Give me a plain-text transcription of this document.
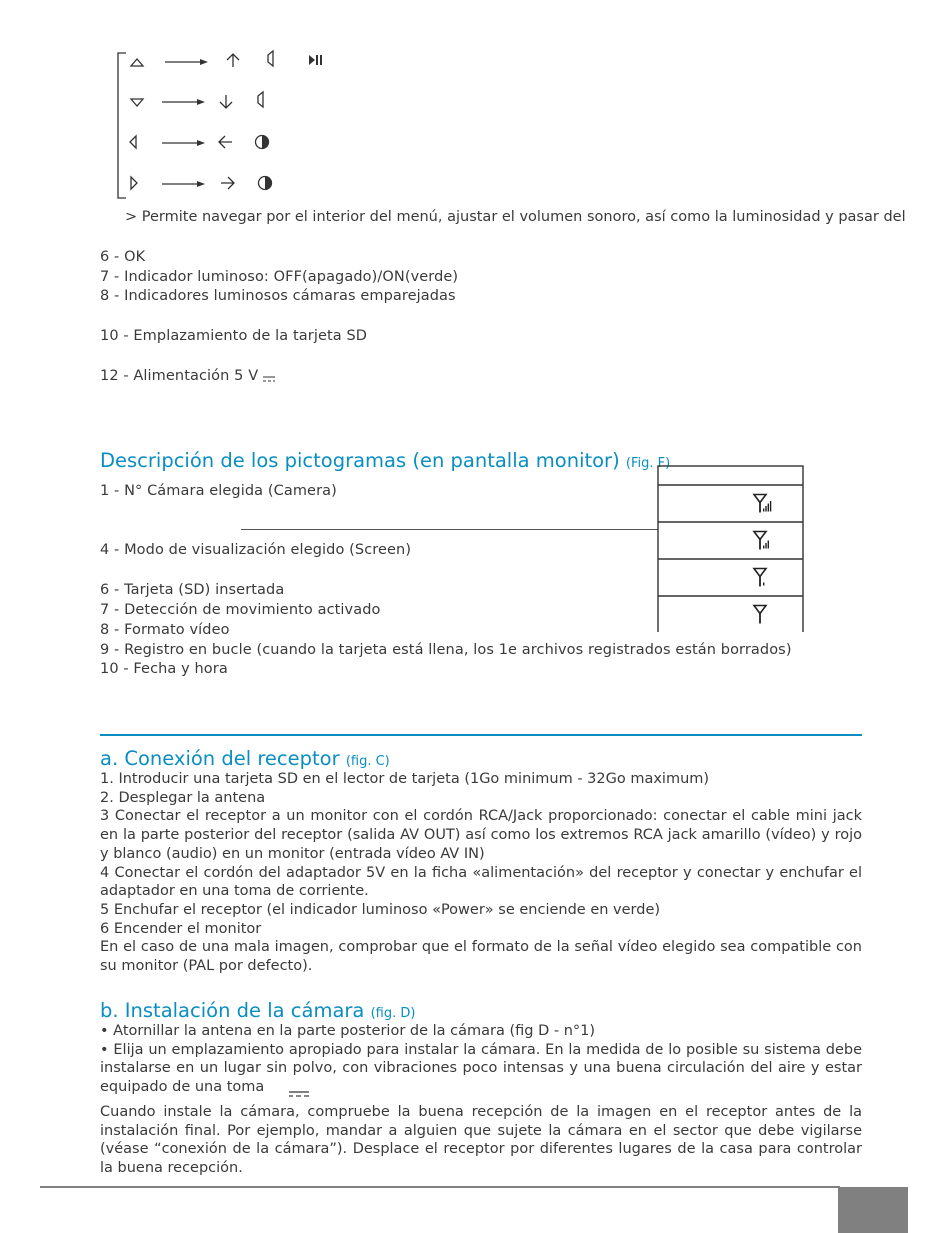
> Permite navegar por el interior del menú, ajustar el volumen sonoro, así como la luminosidad y pasar del
6 - OK
7 - Indicador luminoso: OFF(apagado)/ON(verde)
8 - Indicadores luminosos cámaras emparejadas
10 - Emplazamiento de la tarjeta SD
12 - Alimentación 5 V
Descripción de los pictogramas (en pantalla monitor) (Fig. F)
1 - N° Cámara elegida (Camera)
4 - Modo de visualización elegido (Screen)
6 - Tarjeta (SD) insertada
7 - Detección de movimiento activado
8 - Formato vídeo
9 - Registro en bucle (cuando la tarjeta está llena, los 1e archivos registrados están borrados)
10 - Fecha y hora
a. Conexión del receptor (fig. C)

1. Introducir una tarjeta SD en el lector de tarjeta (1Go minimum - 32Go maximum)

2. Desplegar la antena

3 Conectar el receptor a un monitor con el cordón RCA/Jack proporcionado: conectar el cable mini jack en la parte posterior del receptor (salida AV OUT) así como los extremos RCA jack amarillo (vídeo) y rojo y blanco (audio) en un monitor (entrada vídeo AV IN)

4 Conectar el cordón del adaptador 5V en la ficha «alimentación» del receptor y conectar y enchufar el adaptador en una toma de corriente.

5 Enchufar el receptor (el indicador luminoso «Power» se enciende en verde)

6 Encender el monitor

En el caso de una mala imagen, comprobar que el formato de la señal vídeo elegido sea compatible con su monitor (PAL por defecto).

b. Instalación de la cámara (fig. D)

• Atornillar la antena en la parte posterior de la cámara (fig D - n°1)

• Elija un emplazamiento apropiado para instalar la cámara. En la medida de lo posible su sistema debe instalarse en un lugar sin polvo, con vibraciones poco intensas y una buena circulación del aire y estar equipado de una toma

Cuando instale la cámara, compruebe la buena recepción de la imagen en el receptor antes de la instalación final. Por ejemplo, mandar a alguien que sujete la cámara en el sector que debe vigilarse (véase “conexión de la cámara”). Desplace el receptor por diferentes lugares de la casa para controlar la buena recepción.
